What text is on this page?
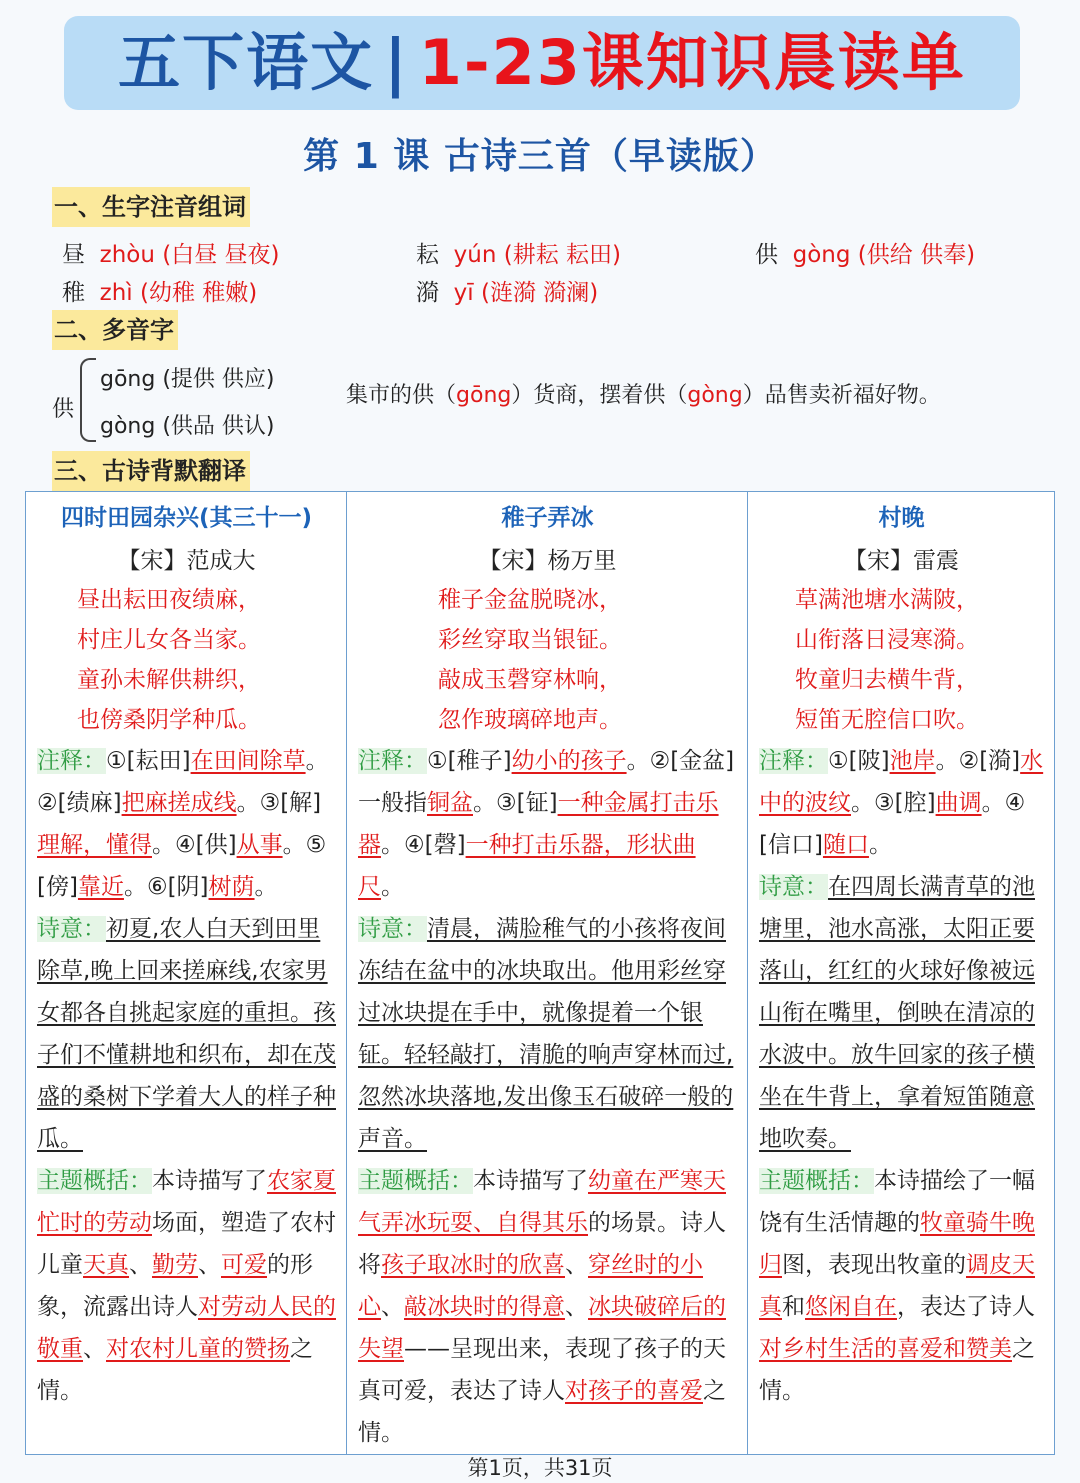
五下语文 | 1-23课知识晨读单
第 1 课 古诗三首（早读版）
一、生字注音组词
昼 zhòu (白昼 昼夜)	耘 yún (耕耘 耘田)	供 gòng (供给 供奉)
稚 zhì (幼稚 稚嫩)	漪 yī (涟漪 漪澜)
二、多音字
供
gōng (提供 供应)
gòng (供品 供认)
集市的供（gōng）货商，摆着供（gòng）品售卖祈福好物。
三、古诗背默翻译
四时田园杂兴(其三十一)
【宋】范成大
昼出耘田夜绩麻，
村庄儿女各当家。
童孙未解供耕织，
也傍桑阴学种瓜。
注释：①[耘田]在田间除草。②[绩麻]把麻搓成线。③[解]理解，懂得。④[供]从事。⑤[傍]靠近。⑥[阴]树荫。
诗意：初夏,农人白天到田里除草,晚上回来搓麻线,农家男女都各自挑起家庭的重担。孩子们不懂耕地和织布，却在茂盛的桑树下学着大人的样子种瓜。
主题概括：本诗描写了农家夏忙时的劳动场面，塑造了农村儿童天真、勤劳、可爱的形象，流露出诗人对劳动人民的敬重、对农村儿童的赞扬之情。

稚子弄冰
【宋】杨万里
稚子金盆脱晓冰，
彩丝穿取当银钲。
敲成玉磬穿林响，
忽作玻璃碎地声。
注释：①[稚子]幼小的孩子。②[金盆]一般指铜盆。③[钲]一种金属打击乐器。④[磬]一种打击乐器，形状曲尺。
诗意：清晨，满脸稚气的小孩将夜间冻结在盆中的冰块取出。他用彩丝穿过冰块提在手中，就像提着一个银钲。轻轻敲打，清脆的响声穿林而过,忽然冰块落地,发出像玉石破碎一般的声音。
主题概括：本诗描写了幼童在严寒天气弄冰玩耍、自得其乐的场景。诗人将孩子取冰时的欣喜、穿丝时的小心、敲冰块时的得意、冰块破碎后的失望——呈现出来，表现了孩子的天真可爱，表达了诗人对孩子的喜爱之情。

村晚
【宋】雷震
草满池塘水满陂，
山衔落日浸寒漪。
牧童归去横牛背，
短笛无腔信口吹。
注释：①[陂]池岸。②[漪]水中的波纹。③[腔]曲调。④[信口]随口。
诗意：在四周长满青草的池塘里，池水高涨，太阳正要落山，红红的火球好像被远山衔在嘴里，倒映在清凉的水波中。放牛回家的孩子横坐在牛背上，拿着短笛随意地吹奏。
主题概括：本诗描绘了一幅饶有生活情趣的牧童骑牛晚归图，表现出牧童的调皮天真和悠闲自在，表达了诗人对乡村生活的喜爱和赞美之情。
第1页，共31页
